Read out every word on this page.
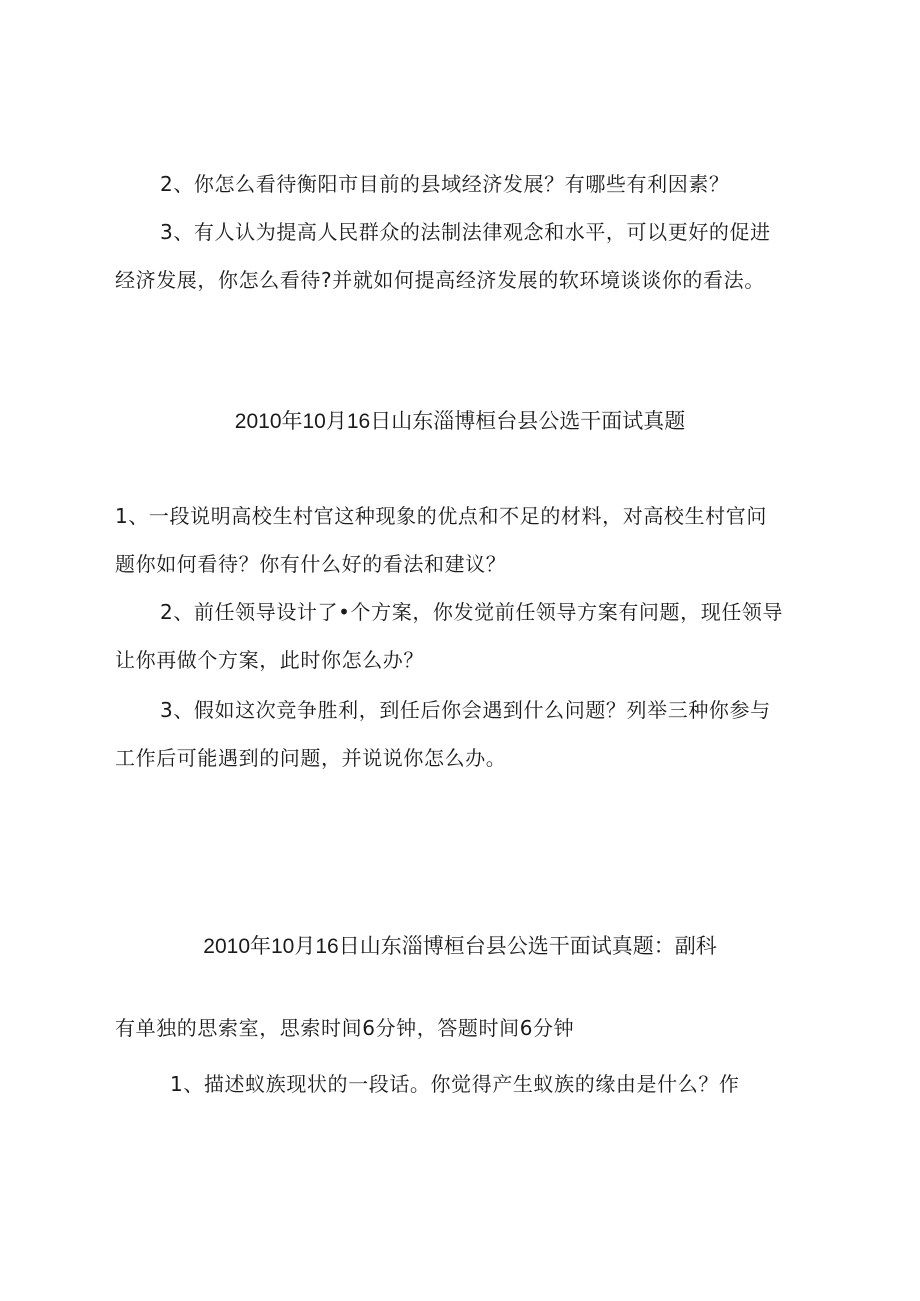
2、你怎么看待衡阳市目前的县域经济发展？有哪些有利因素？
3、有人认为提高人民群众的法制法律观念和水平，可以更好的促进
经济发展，你怎么看待?并就如何提高经济发展的软环境谈谈你的看法。
2010年10月16日山东淄博桓台县公选干面试真题
1、一段说明高校生村官这种现象的优点和不足的材料，对高校生村官问
题你如何看待？你有什么好的看法和建议？
2、前任领导设计了•个方案，你发觉前任领导方案有问题，现任领导
让你再做个方案，此时你怎么办？
3、假如这次竞争胜利，到任后你会遇到什么问题？列举三种你参与
工作后可能遇到的问题，并说说你怎么办。
2010年10月16日山东淄博桓台县公选干面试真题：副科
有单独的思索室，思索时间6分钟，答题时间6分钟
1、描述蚁族现状的一段话。你觉得产生蚁族的缘由是什么？作
